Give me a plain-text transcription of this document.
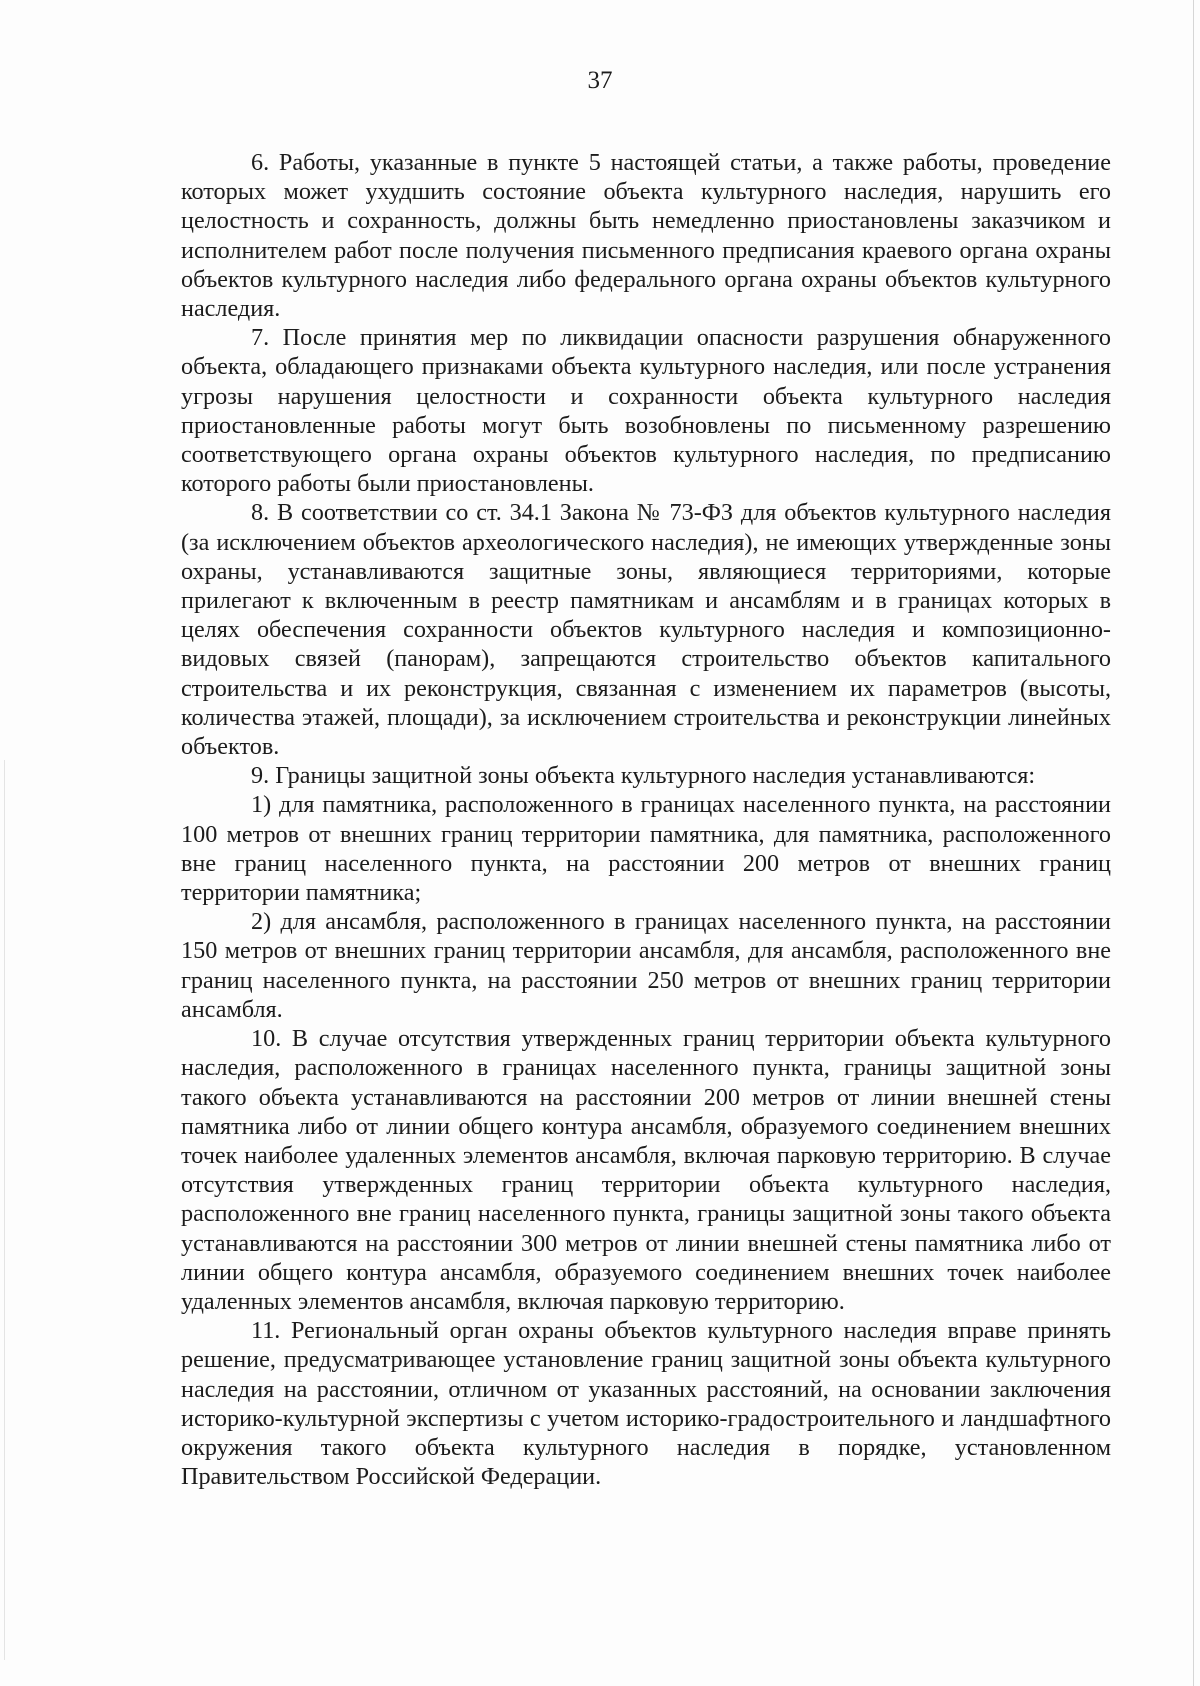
37

6. Работы, указанные в пункте 5 настоящей статьи, а также работы, проведение которых может ухудшить состояние объекта культурного наследия, нарушить его целостность и сохранность, должны быть немедленно приостановлены заказчиком и исполнителем работ после получения письменного предписания краевого органа охраны объектов культурного наследия либо федерального органа охраны объектов культурного наследия.

7. После принятия мер по ликвидации опасности разрушения обнаруженного объекта, обладающего признаками объекта культурного наследия, или после устранения угрозы нарушения целостности и сохранности объекта культурного наследия приостановленные работы могут быть возобновлены по письменному разрешению соответствующего органа охраны объектов культурного наследия, по предписанию которого работы были приостановлены.

8. В соответствии со ст. 34.1 Закона № 73-ФЗ для объектов культурного наследия (за исключением объектов археологического наследия), не имеющих утвержденные зоны охраны, устанавливаются защитные зоны, являющиеся территориями, которые прилегают к включенным в реестр памятникам и ансамблям и в границах которых в целях обеспечения сохранности объектов культурного наследия и композиционно-видовых связей (панорам), запрещаются строительство объектов капитального строительства и их реконструкция, связанная с изменением их параметров (высоты, количества этажей, площади), за исключением строительства и реконструкции линейных объектов.

9. Границы защитной зоны объекта культурного наследия устанавливаются:

1) для памятника, расположенного в границах населенного пункта, на расстоянии 100 метров от внешних границ территории памятника, для памятника, расположенного вне границ населенного пункта, на расстоянии 200 метров от внешних границ территории памятника;

2) для ансамбля, расположенного в границах населенного пункта, на расстоянии 150 метров от внешних границ территории ансамбля, для ансамбля, расположенного вне границ населенного пункта, на расстоянии 250 метров от внешних границ территории ансамбля.

10. В случае отсутствия утвержденных границ территории объекта культурного наследия, расположенного в границах населенного пункта, границы защитной зоны такого объекта устанавливаются на расстоянии 200 метров от линии внешней стены памятника либо от линии общего контура ансамбля, образуемого соединением внешних точек наиболее удаленных элементов ансамбля, включая парковую территорию. В случае отсутствия утвержденных границ территории объекта культурного наследия, расположенного вне границ населенного пункта, границы защитной зоны такого объекта устанавливаются на расстоянии 300 метров от линии внешней стены памятника либо от линии общего контура ансамбля, образуемого соединением внешних точек наиболее удаленных элементов ансамбля, включая парковую территорию.

11. Региональный орган охраны объектов культурного наследия вправе принять решение, предусматривающее установление границ защитной зоны объекта культурного наследия на расстоянии, отличном от указанных расстояний, на основании заключения историко-культурной экспертизы с учетом историко-градостроительного и ландшафтного окружения такого объекта культурного наследия в порядке, установленном Правительством Российской Федерации.
